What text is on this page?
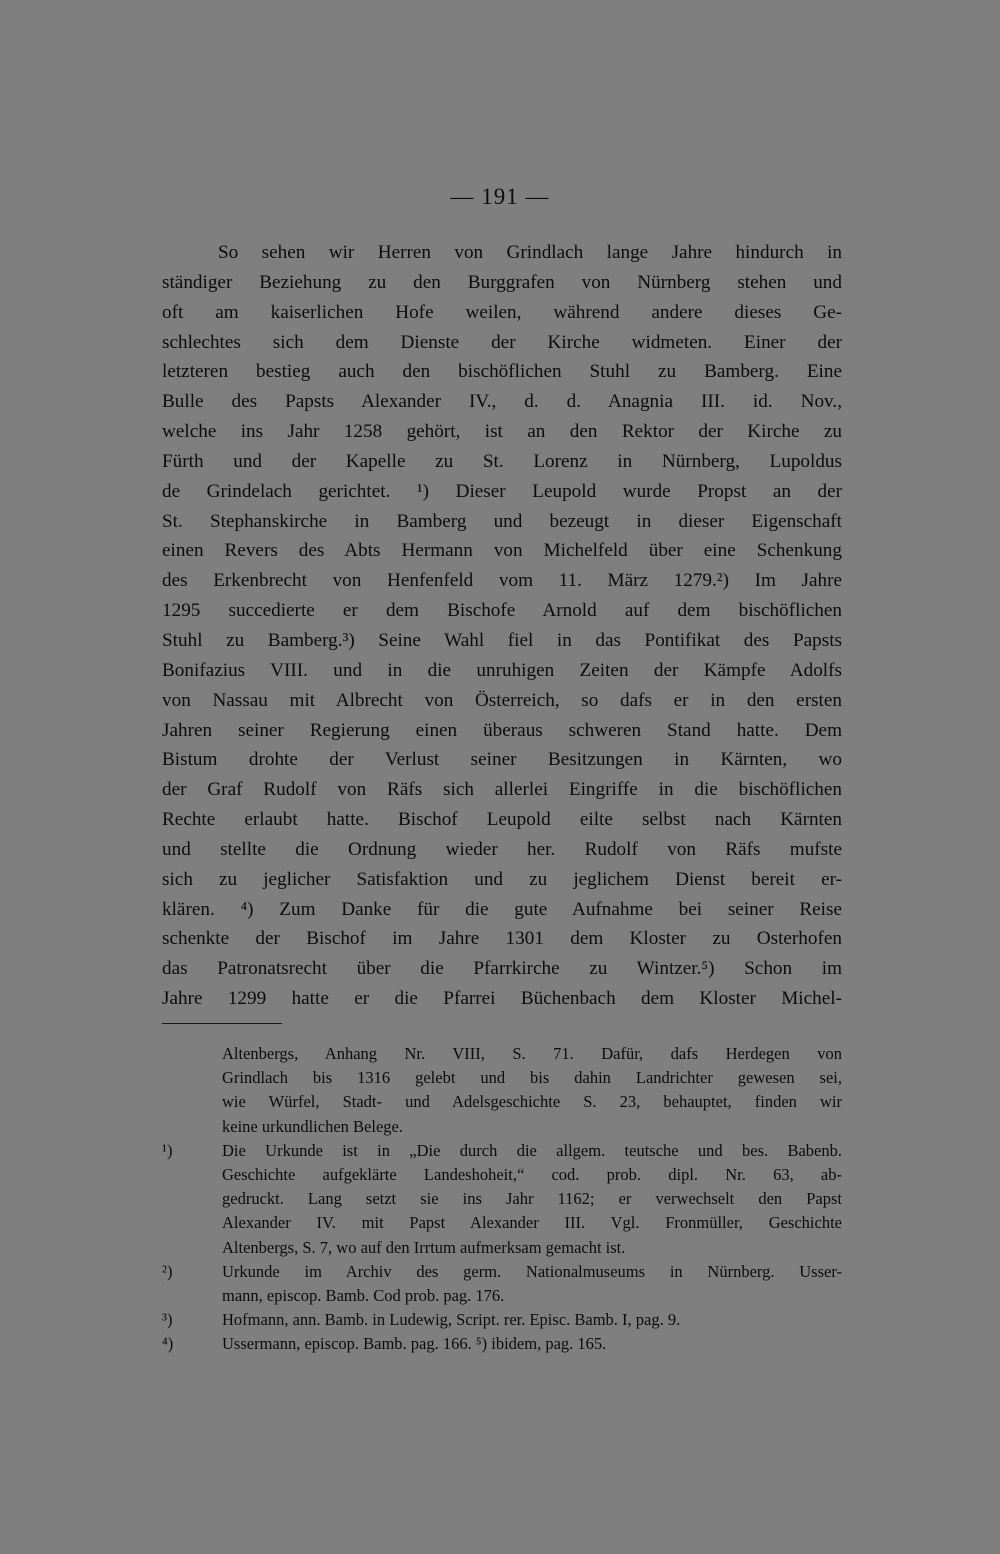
— 191 —
So sehen wir Herren von Grindlach lange Jahre hindurch in
ständiger Beziehung zu den Burggrafen von Nürnberg stehen und
oft am kaiserlichen Hofe weilen, während andere dieses Ge-
schlechtes sich dem Dienste der Kirche widmeten. Einer der
letzteren bestieg auch den bischöflichen Stuhl zu Bamberg. Eine
Bulle des Papsts Alexander IV., d. d. Anagnia III. id. Nov.,
welche ins Jahr 1258 gehört, ist an den Rektor der Kirche zu
Fürth und der Kapelle zu St. Lorenz in Nürnberg, Lupoldus
de Grindelach gerichtet. ¹) Dieser Leupold wurde Propst an der
St. Stephanskirche in Bamberg und bezeugt in dieser Eigenschaft
einen Revers des Abts Hermann von Michelfeld über eine Schenkung
des Erkenbrecht von Henfenfeld vom 11. März 1279.²) Im Jahre
1295 succedierte er dem Bischofe Arnold auf dem bischöflichen
Stuhl zu Bamberg.³) Seine Wahl fiel in das Pontifikat des Papsts
Bonifazius VIII. und in die unruhigen Zeiten der Kämpfe Adolfs
von Nassau mit Albrecht von Österreich, so dafs er in den ersten
Jahren seiner Regierung einen überaus schweren Stand hatte. Dem
Bistum drohte der Verlust seiner Besitzungen in Kärnten, wo
der Graf Rudolf von Räfs sich allerlei Eingriffe in die bischöflichen
Rechte erlaubt hatte. Bischof Leupold eilte selbst nach Kärnten
und stellte die Ordnung wieder her. Rudolf von Räfs mufste
sich zu jeglicher Satisfaktion und zu jeglichem Dienst bereit er-
klären. ⁴) Zum Danke für die gute Aufnahme bei seiner Reise
schenkte der Bischof im Jahre 1301 dem Kloster zu Osterhofen
das Patronatsrecht über die Pfarrkirche zu Wintzer.⁵) Schon im
Jahre 1299 hatte er die Pfarrei Büchenbach dem Kloster Michel-
Altenbergs, Anhang Nr. VIII, S. 71. Dafür, dafs Herdegen von
Grindlach bis 1316 gelebt und bis dahin Landrichter gewesen sei,
wie Würfel, Stadt- und Adelsgeschichte S. 23, behauptet, finden wir
keine urkundlichen Belege.
¹)	Die Urkunde ist in „Die durch die allgem. teutsche und bes. Babenb.
Geschichte aufgeklärte Landeshoheit,“ cod. prob. dipl. Nr. 63, ab-
gedruckt. Lang setzt sie ins Jahr 1162; er verwechselt den Papst
Alexander IV. mit Papst Alexander III. Vgl. Fronmüller, Geschichte
Altenbergs, S. 7, wo auf den Irrtum aufmerksam gemacht ist.
²)	Urkunde im Archiv des germ. Nationalmuseums in Nürnberg. Usser-
mann, episcop. Bamb. Cod prob. pag. 176.
³)	Hofmann, ann. Bamb. in Ludewig, Script. rer. Episc. Bamb. I, pag. 9.
⁴)	Ussermann, episcop. Bamb. pag. 166. ⁵) ibidem, pag. 165.
